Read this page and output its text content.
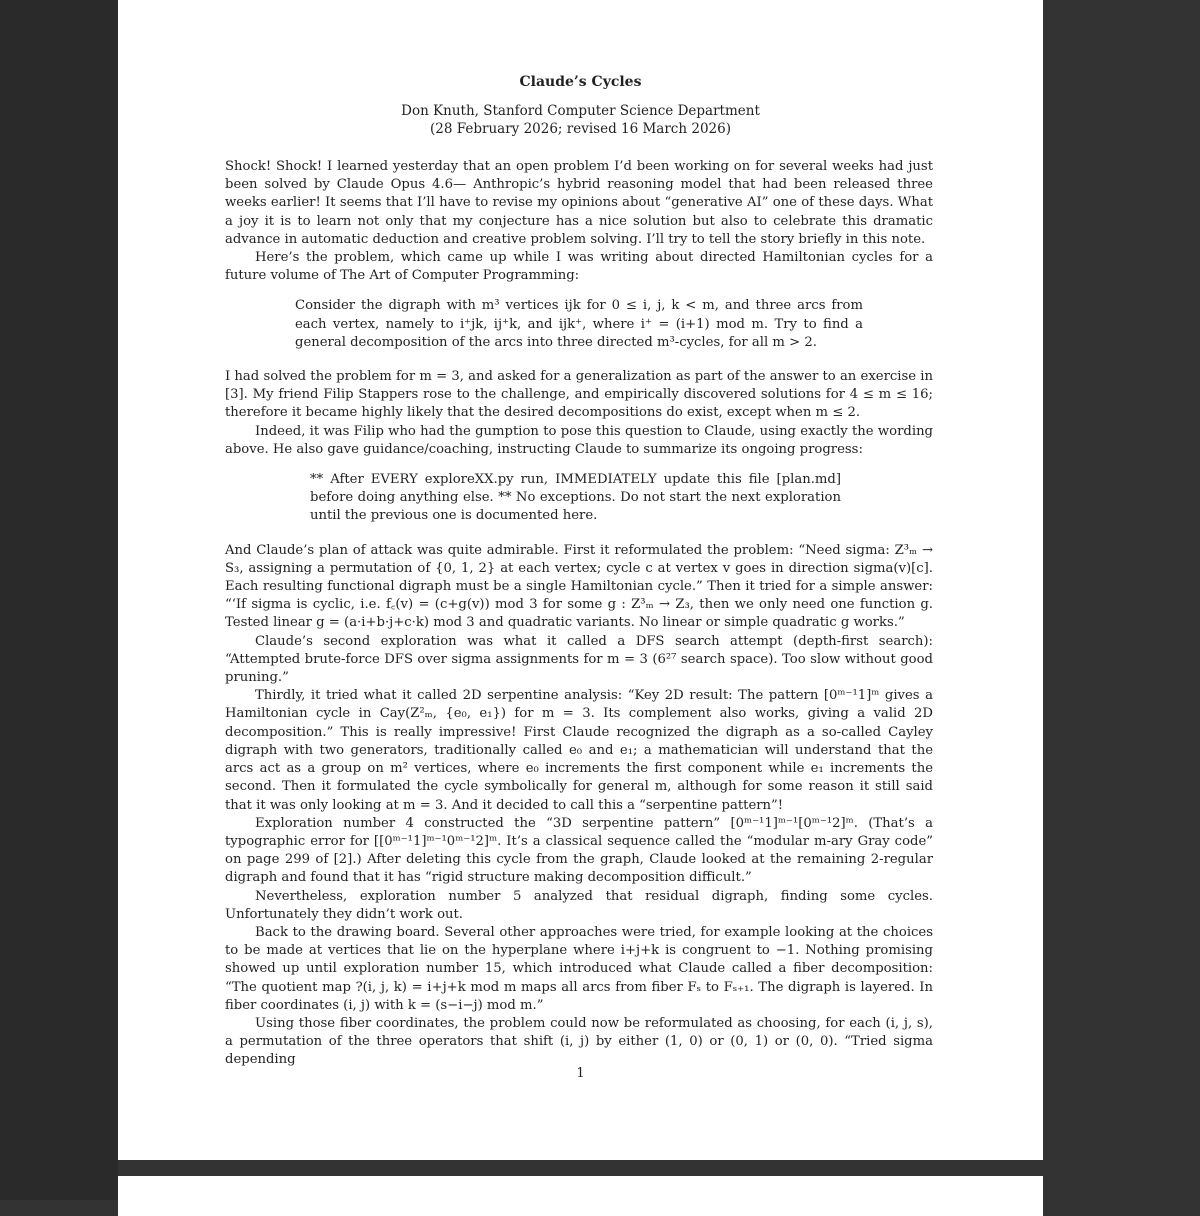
Claude’s Cycles
Don Knuth, Stanford Computer Science Department
(28 February 2026; revised 16 March 2026)

Shock! Shock! I learned yesterday that an open problem I’d been working on for several weeks had just been solved by Claude Opus 4.6— Anthropic’s hybrid reasoning model that had been released three weeks earlier! It seems that I’ll have to revise my opinions about “generative AI” one of these days. What a joy it is to learn not only that my conjecture has a nice solution but also to celebrate this dramatic advance in automatic deduction and creative problem solving. I’ll try to tell the story briefly in this note.

Here’s the problem, which came up while I was writing about directed Hamiltonian cycles for a future volume of The Art of Computer Programming:

Consider the digraph with m³ vertices ijk for 0 ≤ i, j, k < m, and three arcs from each vertex, namely to i⁺jk, ij⁺k, and ijk⁺, where i⁺ = (i+1) mod m. Try to find a general decomposition of the arcs into three directed m³-cycles, for all m > 2.

I had solved the problem for m = 3, and asked for a generalization as part of the answer to an exercise in [3]. My friend Filip Stappers rose to the challenge, and empirically discovered solutions for 4 ≤ m ≤ 16; therefore it became highly likely that the desired decompositions do exist, except when m ≤ 2.

Indeed, it was Filip who had the gumption to pose this question to Claude, using exactly the wording above. He also gave guidance/coaching, instructing Claude to summarize its ongoing progress:

** After EVERY exploreXX.py run, IMMEDIATELY update this file [plan.md] before doing anything else. ** No exceptions. Do not start the next exploration until the previous one is documented here.

And Claude’s plan of attack was quite admirable. First it reformulated the problem: “Need sigma: Z³ₘ → S₃, assigning a permutation of {0, 1, 2} at each vertex; cycle c at vertex v goes in direction sigma(v)[c]. Each resulting functional digraph must be a single Hamiltonian cycle.” Then it tried for a simple answer: “‘If sigma is cyclic, i.e. f꜀(v) = (c+g(v)) mod 3 for some g : Z³ₘ → Z₃, then we only need one function g. Tested linear g = (a·i+b·j+c·k) mod 3 and quadratic variants. No linear or simple quadratic g works.”

Claude’s second exploration was what it called a DFS search attempt (depth-first search): “Attempted brute-force DFS over sigma assignments for m = 3 (6²⁷ search space). Too slow without good pruning.”

Thirdly, it tried what it called 2D serpentine analysis: “Key 2D result: The pattern [0ᵐ⁻¹1]ᵐ gives a Hamiltonian cycle in Cay(Z²ₘ, {e₀, e₁}) for m = 3. Its complement also works, giving a valid 2D decomposition.” This is really impressive! First Claude recognized the digraph as a so-called Cayley digraph with two generators, traditionally called e₀ and e₁; a mathematician will understand that the arcs act as a group on m² vertices, where e₀ increments the first component while e₁ increments the second. Then it formulated the cycle symbolically for general m, although for some reason it still said that it was only looking at m = 3. And it decided to call this a “serpentine pattern”!

Exploration number 4 constructed the “3D serpentine pattern” [0ᵐ⁻¹1]ᵐ⁻¹[0ᵐ⁻¹2]ᵐ. (That’s a typographic error for [[0ᵐ⁻¹1]ᵐ⁻¹0ᵐ⁻¹2]ᵐ. It’s a classical sequence called the “modular m-ary Gray code” on page 299 of [2].) After deleting this cycle from the graph, Claude looked at the remaining 2-regular digraph and found that it has “rigid structure making decomposition difficult.”

Nevertheless, exploration number 5 analyzed that residual digraph, finding some cycles. Unfortunately they didn’t work out.

Back to the drawing board. Several other approaches were tried, for example looking at the choices to be made at vertices that lie on the hyperplane where i+j+k is congruent to −1. Nothing promising showed up until exploration number 15, which introduced what Claude called a fiber decomposition: “The quotient map ?(i, j, k) = i+j+k mod m maps all arcs from fiber Fₛ to Fₛ₊₁. The digraph is layered. In fiber coordinates (i, j) with k = (s−i−j) mod m.”

Using those fiber coordinates, the problem could now be reformulated as choosing, for each (i, j, s), a permutation of the three operators that shift (i, j) by either (1, 0) or (0, 1) or (0, 0). “Tried sigma depending

1
